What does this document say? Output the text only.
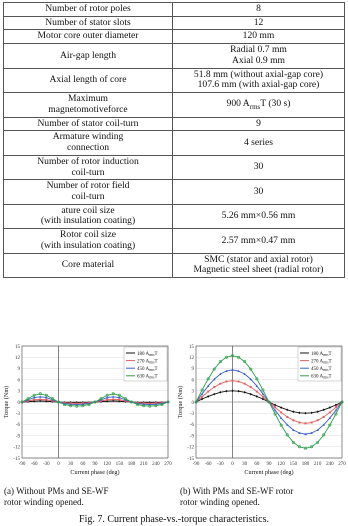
Number of rotor poles	8

Number of stator slots	12

Motor core outer diameter	120 mm

Air-gap length	Radial 0.7 mm
Axial 0.9 mm

Axial length of core	51.8 mm (without axial-gap core)
107.6 mm (with axial-gap core)

Maximum
magnetomotiveforce	900 $A_{rms}T$ (30 s)

Number of stator coil-turn	9

Armature winding
connection	4 series

Number of rotor induction
coil-turn	30

Number of rotor field
coil-turn	30

ature coil size
(with insulation coating)	5.26 mm×0.56 mm

Rotor coil size
(with insulation coating)	2.57 mm×0.47 mm

Core material	SMC (stator and axial rotor)
Magnetic steel sheet (radial rotor)
-15
-12
-9
-6
-3
0
3
6
9
12
15
-90 -60 -30 0 30 60 90 120 150 180 210 240 270
Current phase (deg)
Torque (Nm)
180 $A_{rms}T$
270 $A_{rms}T$
450 $A_{rms}T$
630 $A_{rms}T$
-15
-12
-9
-6
-3
0
3
6
9
12
15
-90 -60 -30 0 30 60 90 120 150 180 210 240 270
Current phase (deg)
Torque (Nm)
180 $A_{rms}T$
270 $A_{rms}T$
450 $A_{rms}T$
630 $A_{rms}T$
(a) Without PMs and SE-WF
rotor winding opened.
(b) With PMs and SE-WF rotor
rotor winding opened.
Fig. 7. Current phase-vs.-torque characteristics.
